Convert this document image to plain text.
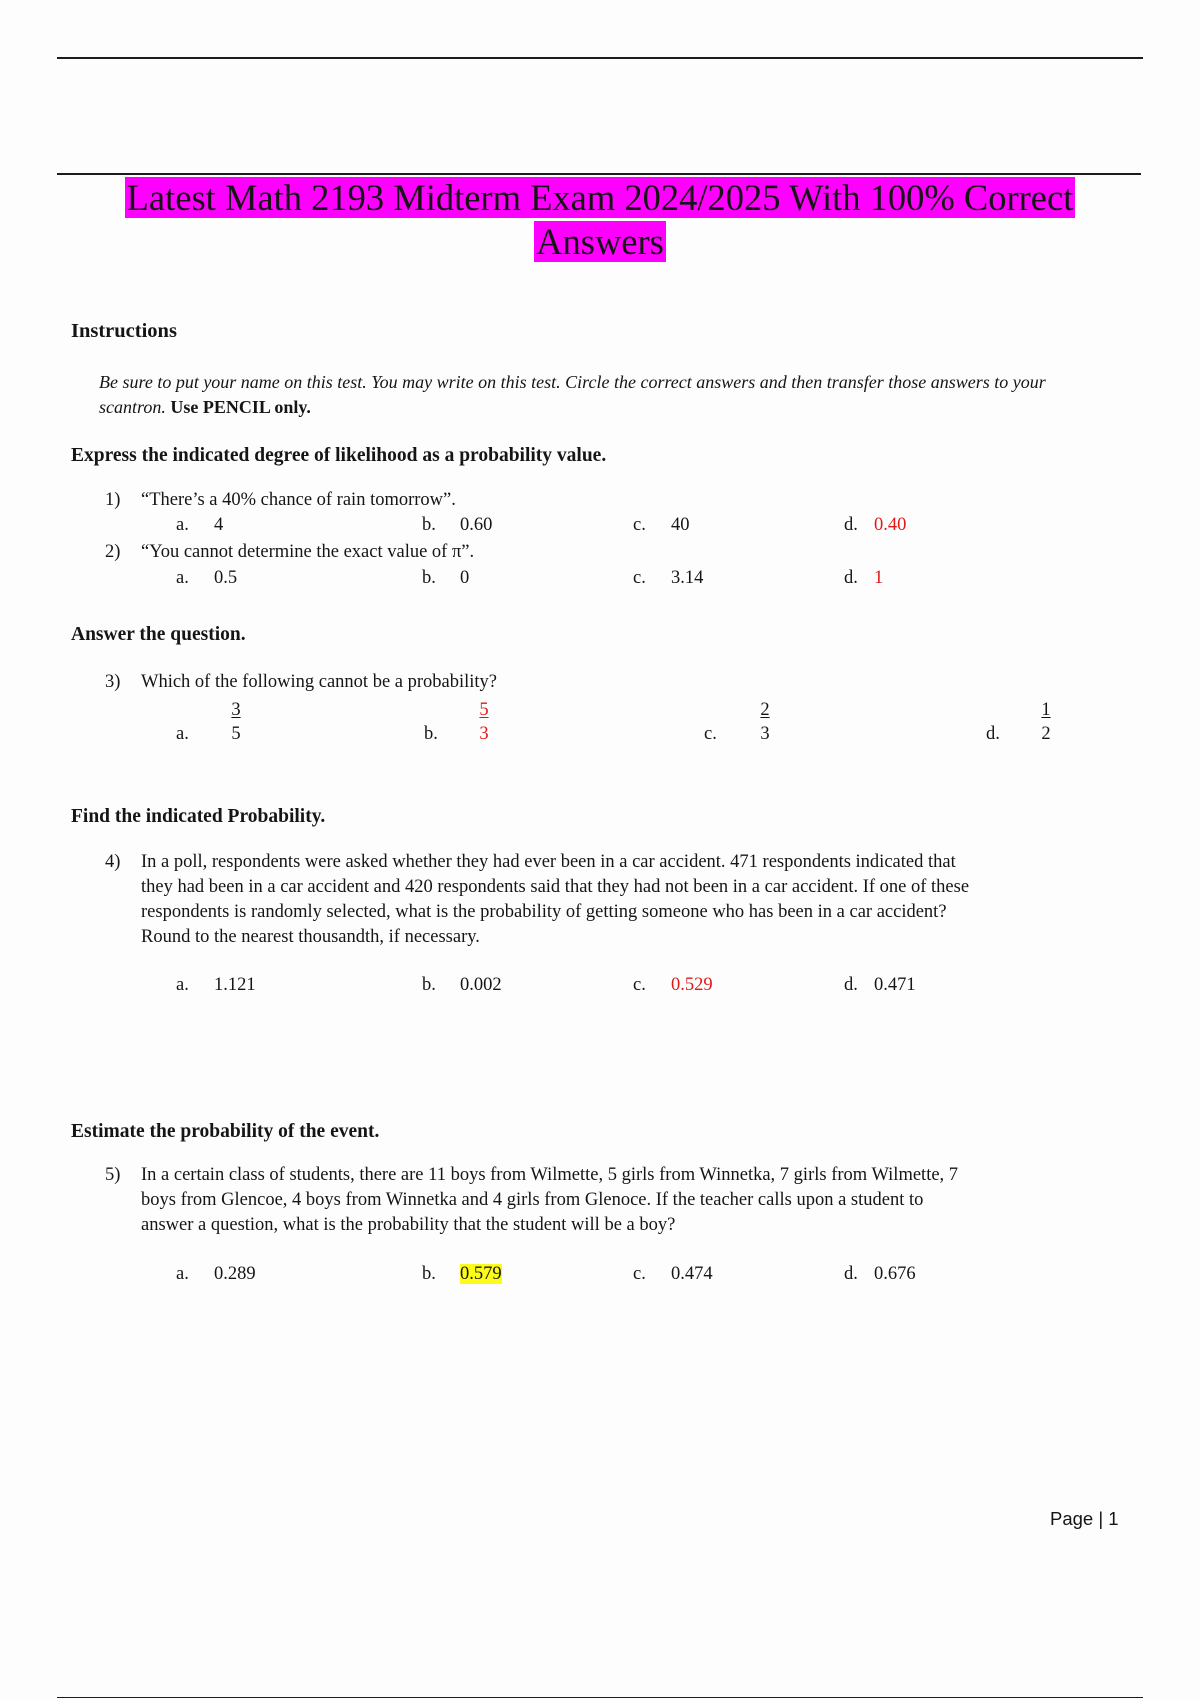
Latest Math 2193 Midterm Exam 2024/2025 With 100% Correct
Answers
Instructions
Be sure to put your name on this test. You may write on this test. Circle the correct answers and then transfer those answers to your scantron. Use PENCIL only.
Express the indicated degree of likelihood as a probability value.
1) “There’s a 40% chance of rain tomorrow”.
a. 4	b. 0.60	c. 40	d. 0.40
2) “You cannot determine the exact value of π”.
a. 0.5	b. 0	c. 3.14	d. 1
Answer the question.
3) Which of the following cannot be a probability?
a. $\frac{3}{5}$	b. $\frac{5}{3}$	c. $\frac{2}{3}$	d. $\frac{1}{2}$
Find the indicated Probability.
4) In a poll, respondents were asked whether they had ever been in a car accident. 471 respondents indicated that
they had been in a car accident and 420 respondents said that they had not been in a car accident. If one of these
respondents is randomly selected, what is the probability of getting someone who has been in a car accident?
Round to the nearest thousandth, if necessary.
a. 1.121	b. 0.002	c. 0.529	d. 0.471
Estimate the probability of the event.
5) In a certain class of students, there are 11 boys from Wilmette, 5 girls from Winnetka, 7 girls from Wilmette, 7
boys from Glencoe, 4 boys from Winnetka and 4 girls from Glenoce. If the teacher calls upon a student to
answer a question, what is the probability that the student will be a boy?
a. 0.289	b. 0.579	c. 0.474	d. 0.676
Page | 1
